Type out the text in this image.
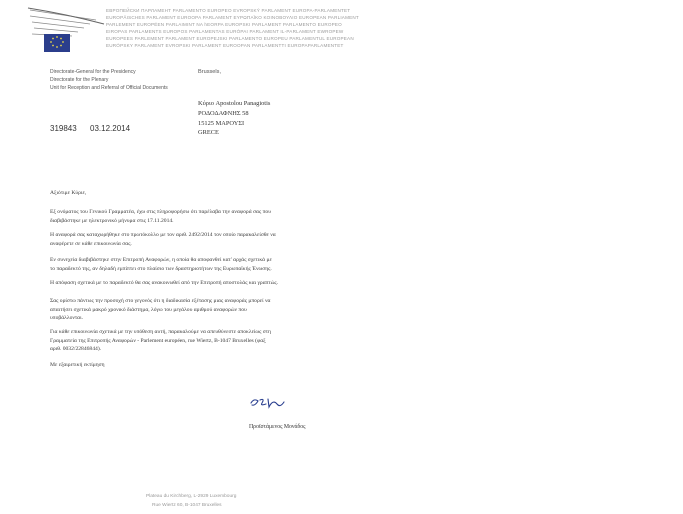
ЕВРОПЕЙСКИ ПАРЛАМЕНТ PARLAMENTO EUROPEO EVROPSKÝ PARLAMENT EUROPA-PARLAMENTET
EUROPÄISCHES PARLAMENT EUROOPA PARLAMENT ΕΥΡΩΠΑΪΚΟ ΚΟΙΝΟΒΟΥΛΙΟ EUROPEAN PARLIAMENT
PARLEMENT EUROPÉEN PARLAIMINT NA hEORPA EUROPSKI PARLAMENT PARLAMENTO EUROPEO
EIROPAS PARLAMENTS EUROPOS PARLAMENTAS EURÓPAI PARLAMENT IL-PARLAMENT EWROPEW
EUROPEES PARLEMENT PARLAMENT EUROPEJSKI PARLAMENTO EUROPEU PARLAMENTUL EUROPEAN
EURÓPSKY PARLAMENT EVROPSKI PARLAMENT EUROOPAN PARLAMENTTI EUROPAPARLAMENTET
Directorate-General for the Presidency
Directorate for the Plenary
Unit for Reception and Referral of Official Documents
Brussels,
319843 03.12.2014
Κύριο Apostolou Panagiotis
ΡΟΔΟΔΑΦΝΗΣ 58
15125 ΜΑΡΟΥΣΙ
GRECE
Αξιότιμε Κύριε,
Εξ ονόματος του Γενικού Γραμματέα, έχω στις πληροφορήσω ότι παρέλαβα την αναφορά σας που
διαβιβάστηκε με ηλεκτρονικό μήνυμα στις 17.11.2014.
Η αναφορά σας καταχωρήθηκε στο πρωτόκολλο με τον αριθ. 2492/2014 τον οποίο παρακαλείσθε να
αναφέρετε σε κάθε επικοινωνία σας.
Εν συνεχεία διαβιβάστηκε στην Επιτροπή Αναφορών, η οποία θα αποφανθεί κατ' αρχάς σχετικά με
το παραδεκτό της, αν δηλαδή εμπίπτει στο πλαίσιο των δραστηριοτήτων της Ευρωπαϊκής Ένωσης.
Η απόφαση σχετικά με το παραδεκτό θα σας ανακοινωθεί από την Επιτροπή αποστολάς και γραπτώς.
Σας ορίστω πάντως την προσοχή στο γεγονός ότι η διαδικασία εξέτασης μιας αναφοράς μπορεί να
απαιτήσει σχετικά μακρό χρονικό διάστημα, λόγω του μεγάλου αριθμού αναφορών που
υποβάλλονται.
Για κάθε επικοινωνία σχετικά με την υπόθεση αυτή, παρακαλούμε να απευθύνεστε αποκλείως στη
Γραμματεία της Επιτροπής Αναφορών - Parlement européen, rue Wiertz, B-1047 Bruxelles (φαξ
αριθ. 0032/22846844).
Με εξαιρετική εκτίμηση
Προϊστάμενος Μονάδος
Plateau du Kirchberg, L-2929 Luxembourg
Rue Wiertz 60, B-1047 Bruxelles
